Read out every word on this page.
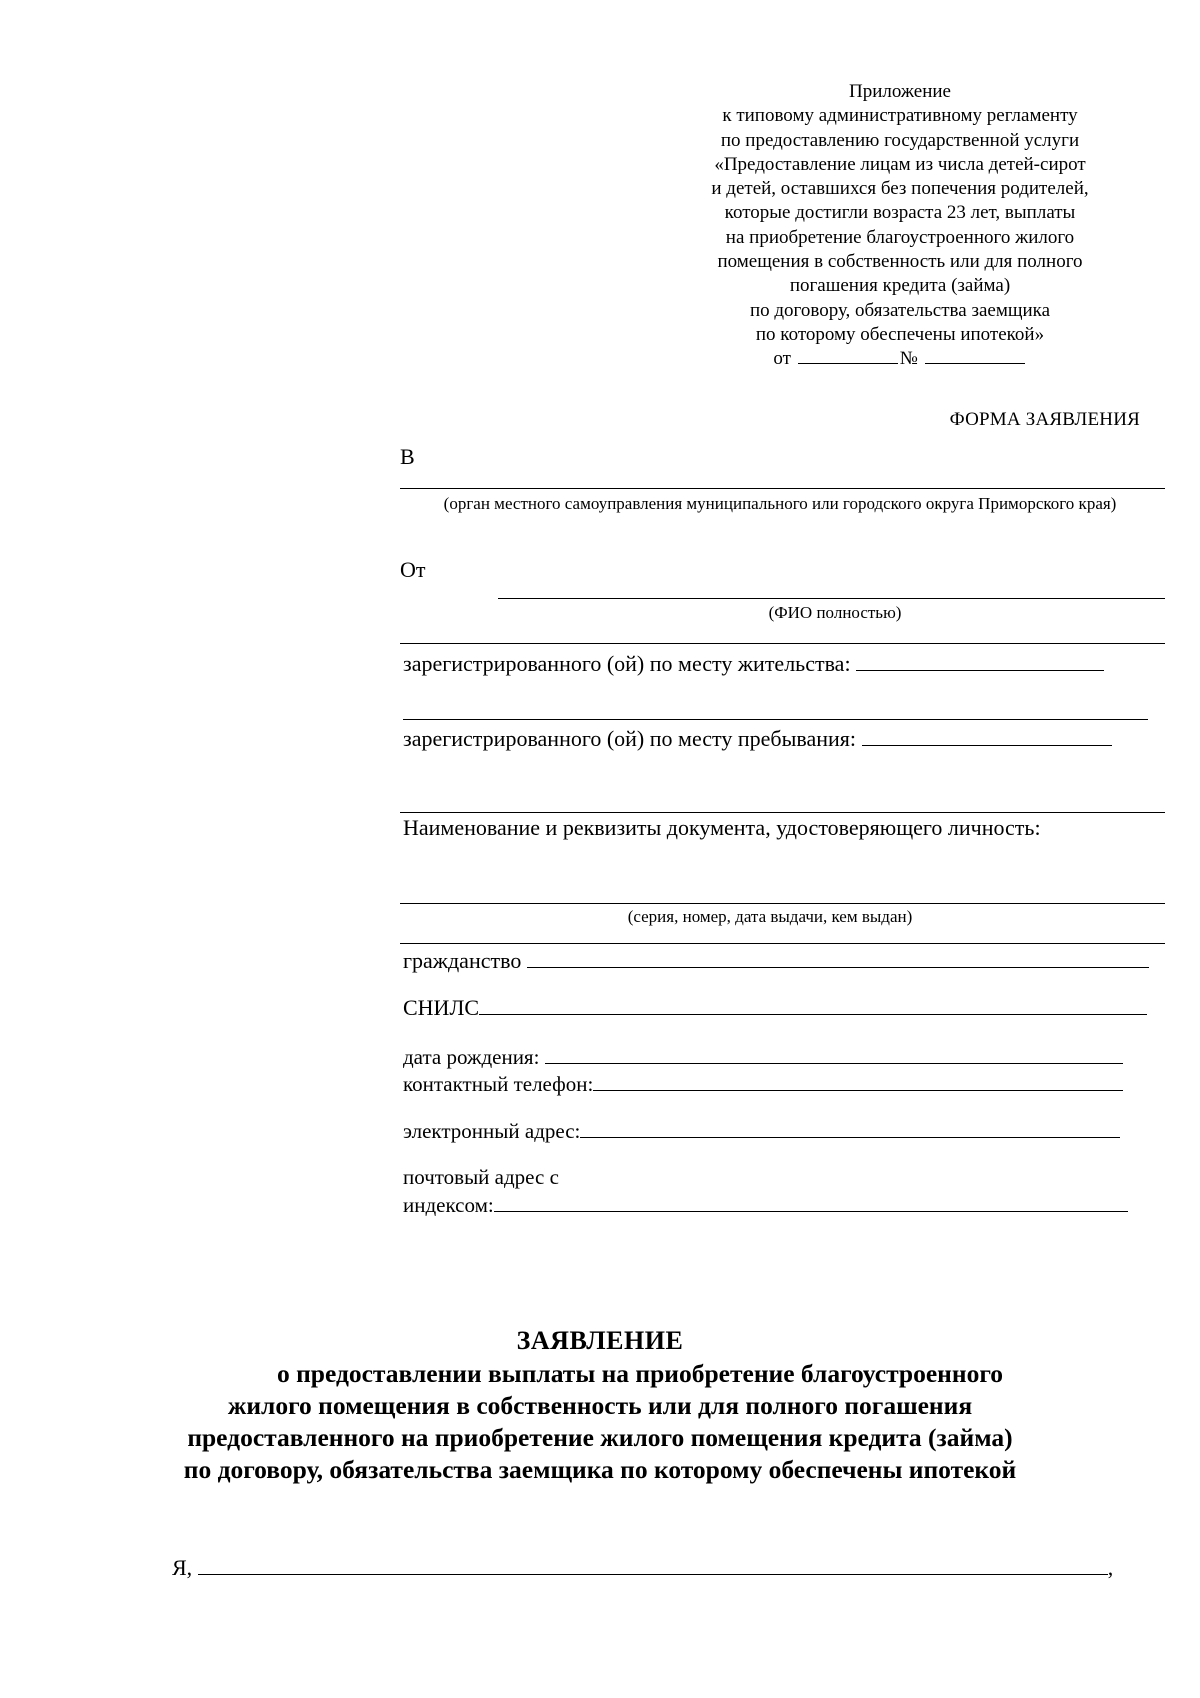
Приложение
к типовому административному регламенту
по предоставлению государственной услуги
«Предоставление лицам из числа детей-сирот
и детей, оставшихся без попечения родителей,
которые достигли возраста 23 лет, выплаты
на приобретение благоустроенного жилого
помещения в собственность или для полного
погашения кредита (займа)
по договору, обязательства заемщика
по которому обеспечены ипотекой»
от	№
ФОРМА ЗАЯВЛЕНИЯ
В
(орган местного самоуправления муниципального или городского округа Приморского края)
От
(ФИО полностью)
зарегистрированного (ой) по месту жительства:
зарегистрированного (ой) по месту пребывания:
Наименование и реквизиты документа, удостоверяющего личность:
(серия, номер, дата выдачи, кем выдан)
гражданство
СНИЛС
дата рождения:
контактный телефон:
электронный адрес:
почтовый адрес с
индексом:
ЗАЯВЛЕНИЕ
о предоставлении выплаты на приобретение благоустроенного
жилого помещения в собственность или для полного погашения
предоставленного на приобретение жилого помещения кредита (займа)
по договору, обязательства заемщика по которому обеспечены ипотекой
Я,	,
